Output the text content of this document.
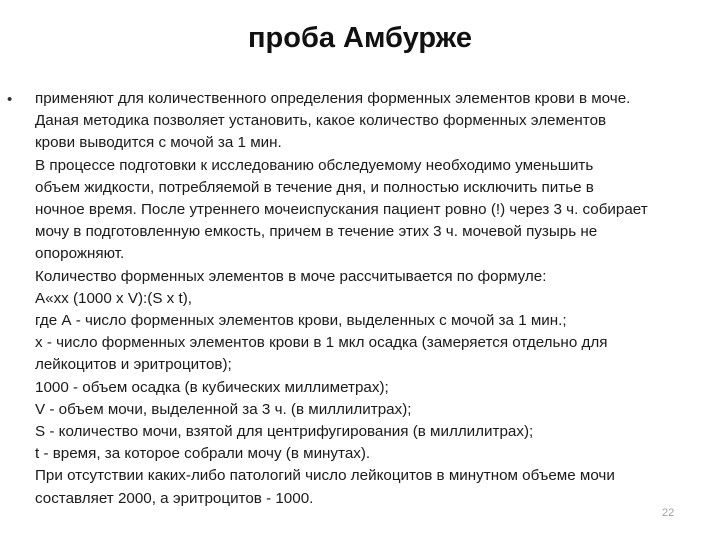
проба Амбурже
• применяют для количественного определения форменных элементов крови в моче.
Даная методика позволяет установить, какое количество форменных элементов
крови выводится с мочой за 1 мин.
В процессе подготовки к исследованию обследуемому необходимо уменьшить
объем жидкости, потребляемой в течение дня, и полностью исключить питье в
ночное время. После утреннего мочеиспускания пациент ровно (!) через 3 ч. собирает
мочу в подготовленную емкость, причем в течение этих 3 ч. мочевой пузырь не
опорожняют.
Количество форменных элементов в моче рассчитывается по формуле:
А«хх (1000 х V):(S х t),
где А - число форменных элементов крови, выделенных с мочой за 1 мин.;
х - число форменных элементов крови в 1 мкл осадка (замеряется отдельно для
лейкоцитов и эритроцитов);
1000 - объем осадка (в кубических миллиметрах);
V - объем мочи, выделенной за 3 ч. (в миллилитрах);
S - количество мочи, взятой для центрифугирования (в миллилитрах);
t - время, за которое собрали мочу (в минутах).
При отсутствии каких-либо патологий число лейкоцитов в минутном объеме мочи
составляет 2000, а эритроцитов - 1000.
22
